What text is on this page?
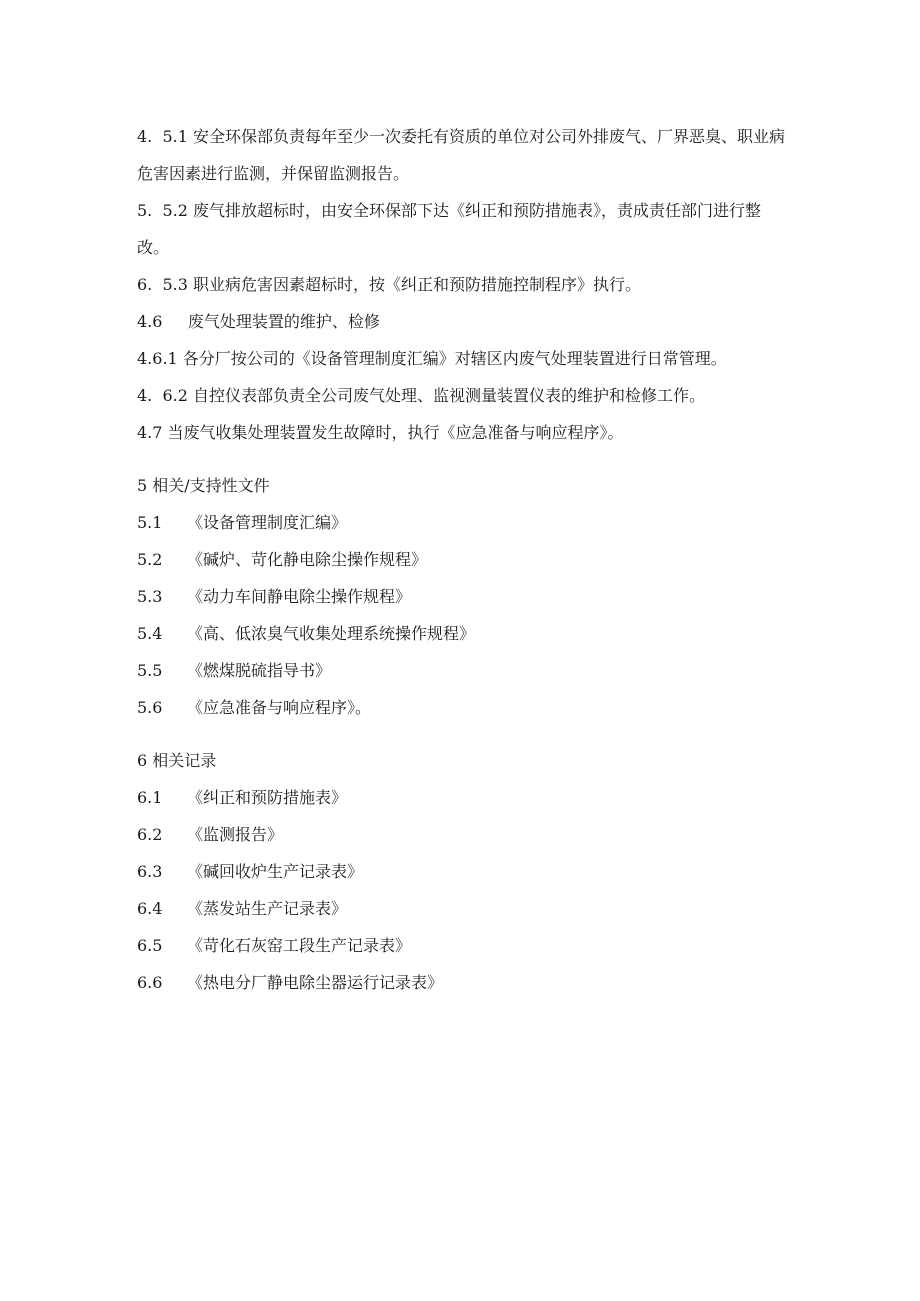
4.  5.1 安全环保部负责每年至少一次委托有资质的单位对公司外排废气、厂界恶臭、职业病危害因素进行监测，并保留监测报告。

5.  5.2 废气排放超标时，由安全环保部下达《纠正和预防措施表》，责成责任部门进行整改。

6.  5.3 职业病危害因素超标时，按《纠正和预防措施控制程序》执行。

4.6     废气处理装置的维护、检修

4.6.1 各分厂按公司的《设备管理制度汇编》对辖区内废气处理装置进行日常管理。

4.  6.2 自控仪表部负责全公司废气处理、监视测量装置仪表的维护和检修工作。

4.7 当废气收集处理装置发生故障时，执行《应急准备与响应程序》。

5 相关/支持性文件

5.1	《设备管理制度汇编》
5.2	《碱炉、苛化静电除尘操作规程》
5.3	《动力车间静电除尘操作规程》
5.4	《高、低浓臭气收集处理系统操作规程》
5.5	《燃煤脱硫指导书》
5.6	《应急准备与响应程序》。

6 相关记录

6.1	《纠正和预防措施表》
6.2	《监测报告》
6.3	《碱回收炉生产记录表》
6.4	《蒸发站生产记录表》
6.5	《苛化石灰窑工段生产记录表》
6.6	《热电分厂静电除尘器运行记录表》
